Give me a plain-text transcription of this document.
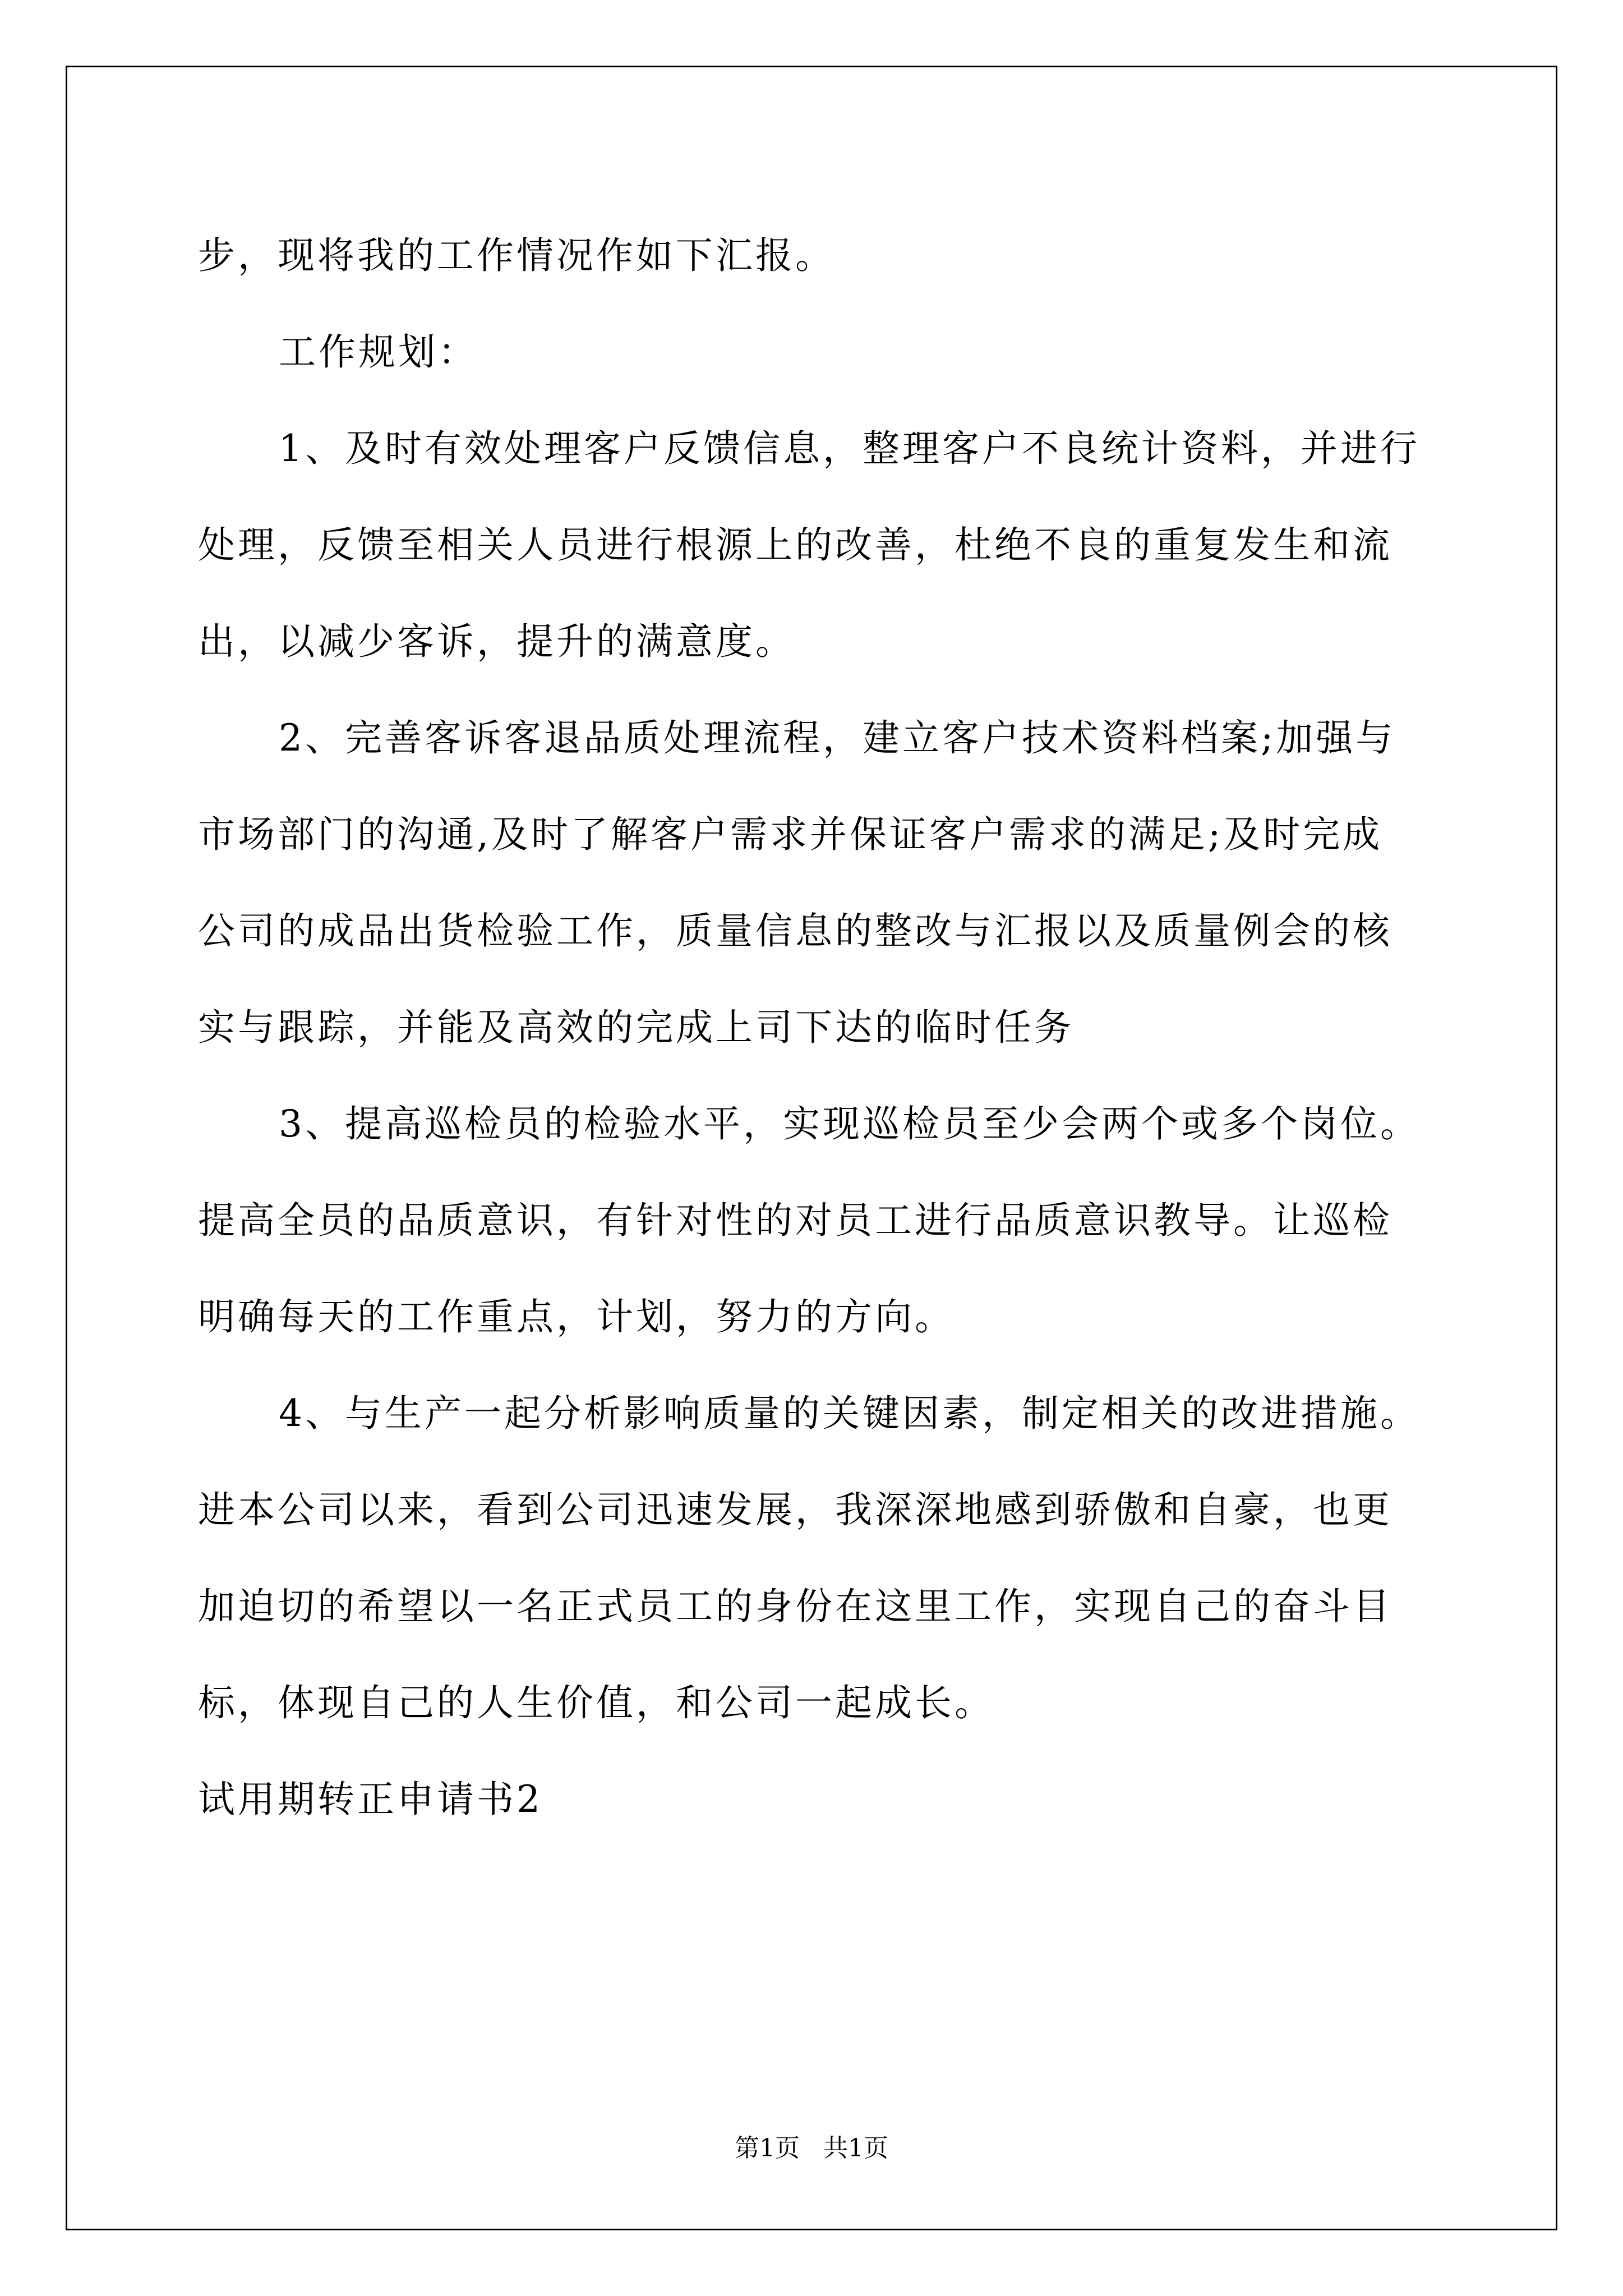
步，现将我的工作情况作如下汇报。
工作规划：
1、及时有效处理客户反馈信息，整理客户不良统计资料，并进行
处理，反馈至相关人员进行根源上的改善，杜绝不良的重复发生和流
出，以减少客诉，提升的满意度。
2、完善客诉客退品质处理流程，建立客户技术资料档案;加强与
市场部门的沟通,及时了解客户需求并保证客户需求的满足;及时完成
公司的成品出货检验工作，质量信息的整改与汇报以及质量例会的核
实与跟踪，并能及高效的完成上司下达的临时任务
3、提高巡检员的检验水平，实现巡检员至少会两个或多个岗位。
提高全员的品质意识，有针对性的对员工进行品质意识教导。让巡检
明确每天的工作重点，计划，努力的方向。
4、与生产一起分析影响质量的关键因素，制定相关的改进措施。
进本公司以来，看到公司迅速发展，我深深地感到骄傲和自豪，也更
加迫切的希望以一名正式员工的身份在这里工作，实现自己的奋斗目
标，体现自己的人生价值，和公司一起成长。
试用期转正申请书2
第1页   共1页
